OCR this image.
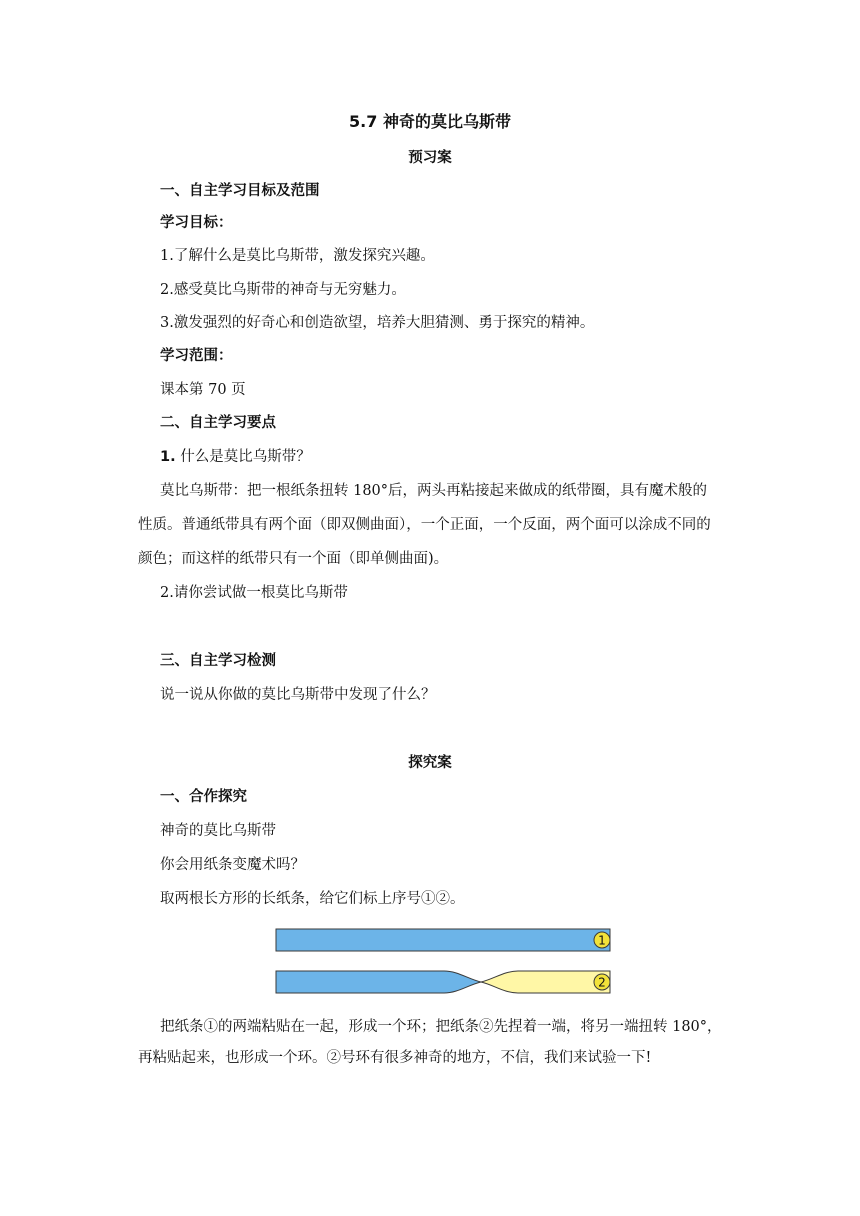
5.7 神奇的莫比乌斯带
预习案
一、自主学习目标及范围
学习目标：
1.了解什么是莫比乌斯带，激发探究兴趣。
2.感受莫比乌斯带的神奇与无穷魅力。
3.激发强烈的好奇心和创造欲望，培养大胆猜测、勇于探究的精神。
学习范围：
课本第 70 页
二、自主学习要点
1. 什么是莫比乌斯带？
莫比乌斯带：把一根纸条扭转 180°后，两头再粘接起来做成的纸带圈，具有魔术般的
性质。普通纸带具有两个面（即双侧曲面），一个正面，一个反面，两个面可以涂成不同的
颜色；而这样的纸带只有一个面（即单侧曲面)。
2.请你尝试做一根莫比乌斯带
三、自主学习检测
说一说从你做的莫比乌斯带中发现了什么？
探究案
一、合作探究
神奇的莫比乌斯带
你会用纸条变魔术吗？
取两根长方形的长纸条，给它们标上序号①②。
1
2
把纸条①的两端粘贴在一起，形成一个环；把纸条②先捏着一端，将另一端扭转 180°，
再粘贴起来，也形成一个环。②号环有很多神奇的地方，不信，我们来试验一下!
